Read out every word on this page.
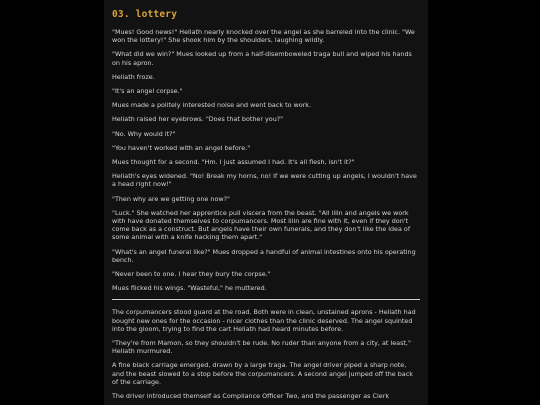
03. lottery

"Mues! Good news!" Heliath nearly knocked over the angel as she barreled into the clinic. "We won the lottery!" She shook him by the shoulders, laughing wildly.

"What did we win?" Mues looked up from a half-disemboweled traga bull and wiped his hands on his apron.

Heliath froze.

"It's an angel corpse."

Mues made a politely interested noise and went back to work.

Heliath raised her eyebrows. "Does that bother you?"

"No. Why would it?"

"You haven't worked with an angel before."

Mues thought for a second. "Hm. I just assumed I had. It's all flesh, isn't it?"

Heliath's eyes widened. "No! Break my horns, no! If we were cutting up angels, I wouldn't have a head right now!"

"Then why are we getting one now?"

"Luck." She watched her apprentice pull viscera from the beast. "All lilin and angels we work with have donated themselves to corpumancers. Most lilin are fine with it, even if they don't come back as a construct. But angels have their own funerals, and they don't like the idea of some animal with a knife hacking them apart."

"What's an angel funeral like?" Mues dropped a handful of animal intestines onto his operating bench.

"Never been to one. I hear they bury the corpse."

Mues flicked his wings. "Wasteful," he muttered.

The corpumancers stood guard at the road. Both were in clean, unstained aprons - Heliath had bought new ones for the occasion - nicer clothes than the clinic deserved. The angel squinted into the gloom, trying to find the cart Heliath had heard minutes before.

"They're from Mamon, so they shouldn't be rude. No ruder than anyone from a city, at least," Heliath murmured.

A fine black carriage emerged, drawn by a large traga. The angel driver piped a sharp note, and the beast slowed to a stop before the corpumancers. A second angel jumped off the back of the carriage.

The driver introduced themself as Compliance Officer Two, and the passenger as Clerk
